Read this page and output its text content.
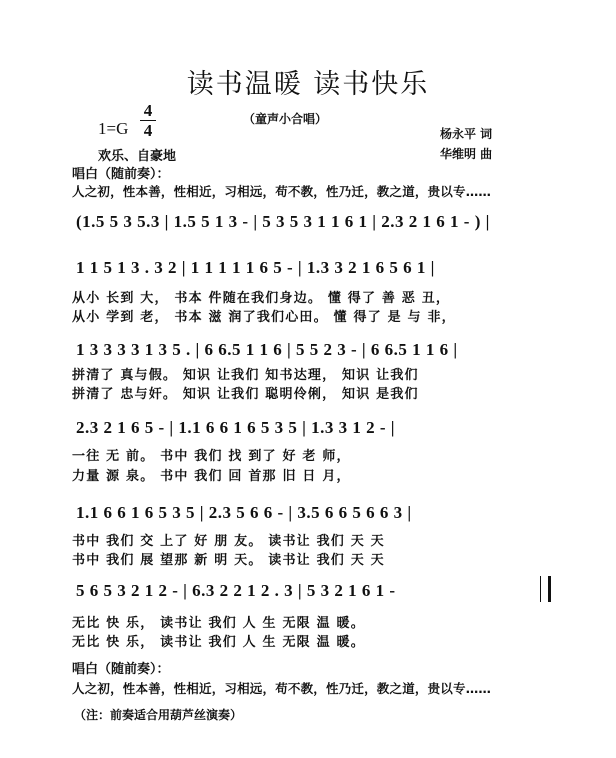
读书温暖 读书快乐
1=G
4
4
（童声小合唱）
杨永平 词
欢乐、自豪地	华维明 曲
唱白（随前奏）：
人之初，性本善，性相近，习相远，苟不教，性乃迁，教之道，贵以专……
(1.5 5 3 5.3 | 1.5 5 1 3 - | 5 3 5 3 1 1 6 1 | 2.3 2 1 6 1 - ) |
1 1 5 1 3 . 3 2 | 1 1 1 1 1 6 5 - | 1.3 3 2 1 6 5 6 1 |
从小 长到 大， 书本 件随在我们身边。 懂 得了 善 恶 丑，
从小 学到 老， 书本 滋 润了我们心田。 懂 得了 是 与 非，
1 3 3 3 3 1 3 5 . | 6 6.5 1 1 6 | 5 5 2 3 - | 6 6.5 1 1 6 |
拼清了 真与假。 知识 让我们 知书达理， 知识 让我们
拼清了 忠与奸。 知识 让我们 聪明伶俐， 知识 是我们
2.3 2 1 6 5 - | 1.1 6 6 1 6 5 3 5 | 1.3 3 1 2 - |
一往 无 前。 书中 我们 找 到了 好 老 师，
力量 源 泉。 书中 我们 回 首那 旧 日 月，
1.1 6 6 1 6 5 3 5 | 2.3 5 6 6 - | 3.5 6 6 5 6 6 3 |
书中 我们 交 上了 好 朋 友。 读书让 我们 天 天
书中 我们 展 望那 新 明 天。 读书让 我们 天 天
5 6 5 3 2 1 2 - | 6.3 2 2 1 2 . 3 | 5 3 2 1 6 1 -
无比 快 乐， 读书让 我们 人 生 无限 温 暖。
无比 快 乐， 读书让 我们 人 生 无限 温 暖。
唱白（随前奏）：
人之初，性本善，性相近，习相远，苟不教，性乃迁，教之道，贵以专……
（注：前奏适合用葫芦丝演奏）
